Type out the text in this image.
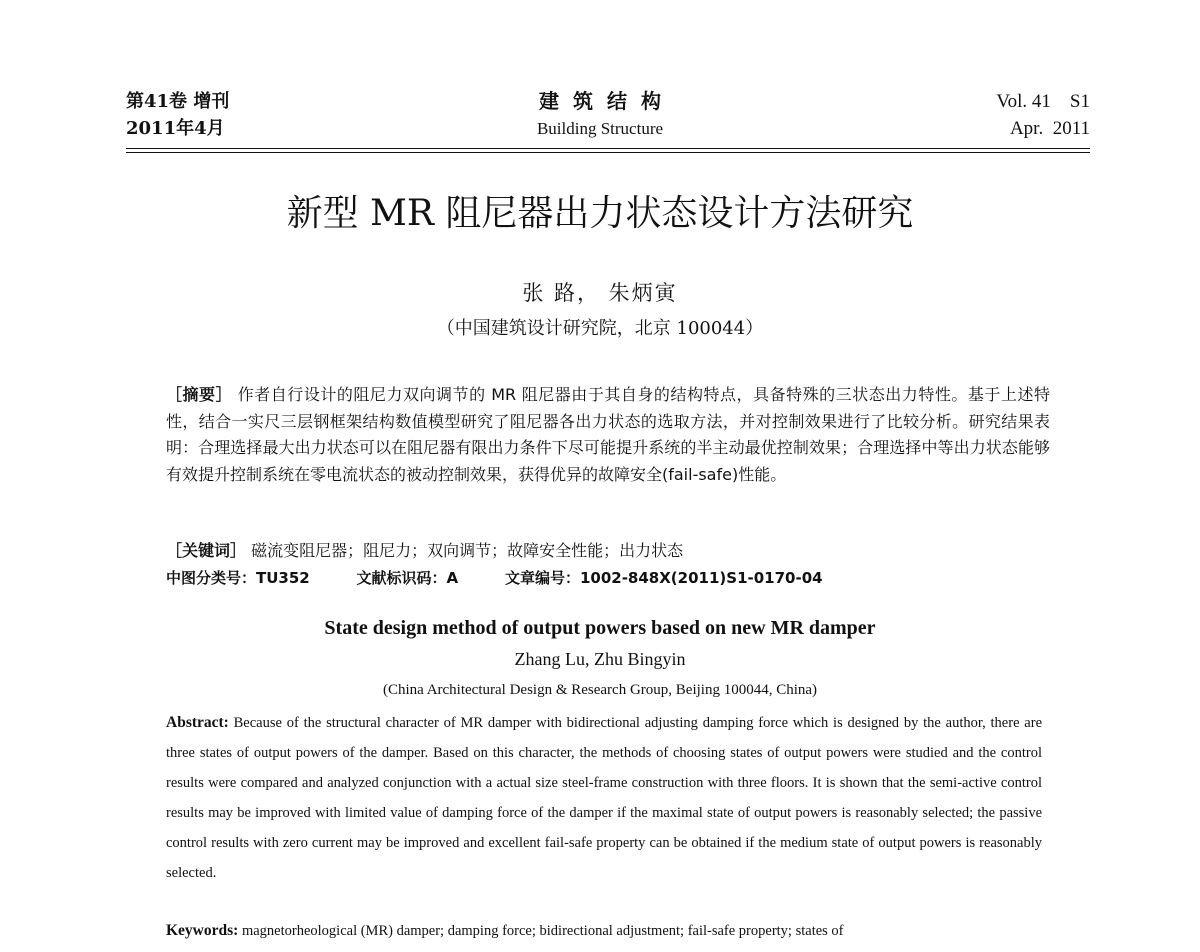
第41卷 增刊
2011年4月
建筑结构
Building Structure
Vol. 41    S1
Apr.  2011
新型 MR 阻尼器出力状态设计方法研究
张 路， 朱炳寅
（中国建筑设计研究院，北京 100044）
［摘要］ 作者自行设计的阻尼力双向调节的 MR 阻尼器由于其自身的结构特点，具备特殊的三状态出力特性。基于上述特性，结合一实尺三层钢框架结构数值模型研究了阻尼器各出力状态的选取方法，并对控制效果进行了比较分析。研究结果表明：合理选择最大出力状态可以在阻尼器有限出力条件下尽可能提升系统的半主动最优控制效果；合理选择中等出力状态能够有效提升控制系统在零电流状态的被动控制效果，获得优异的故障安全(fail-safe)性能。
［关键词］ 磁流变阻尼器；阻尼力；双向调节；故障安全性能；出力状态
中图分类号：TU352	文献标识码：A	文章编号：1002-848X(2011)S1-0170-04
State design method of output powers based on new MR damper
Zhang Lu, Zhu Bingyin
(China Architectural Design & Research Group, Beijing 100044, China)
Abstract: Because of the structural character of MR damper with bidirectional adjusting damping force which is designed by the author, there are three states of output powers of the damper. Based on this character, the methods of choosing states of output powers were studied and the control results were compared and analyzed conjunction with a actual size steel-frame construction with three floors. It is shown that the semi-active control results may be improved with limited value of damping force of the damper if the maximal state of output powers is reasonably selected; the passive control results with zero current may be improved and excellent fail-safe property can be obtained if the medium state of output powers is reasonably selected.
Keywords: magnetorheological (MR) damper; damping force; bidirectional adjustment; fail-safe property; states of
